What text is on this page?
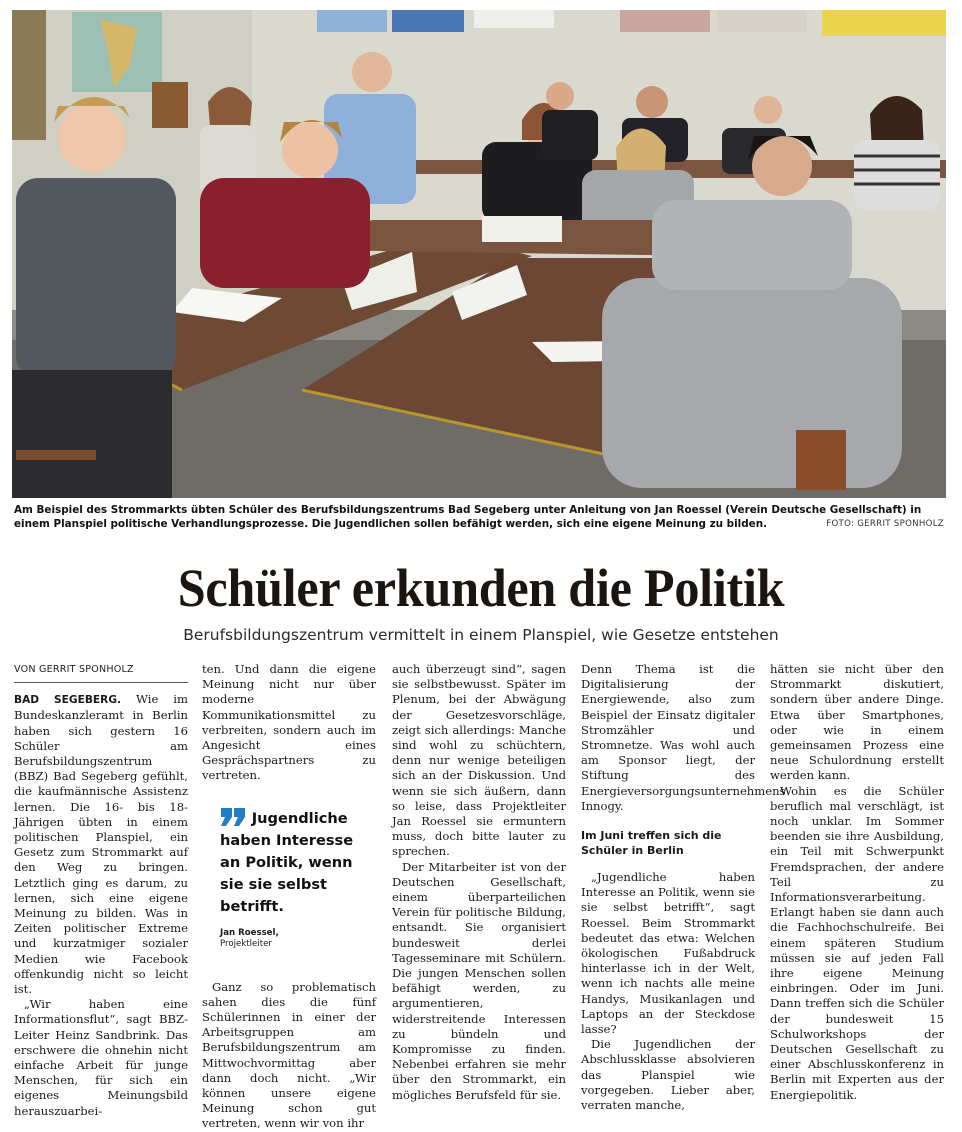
Am Beispiel des Strommarkts übten Schüler des Berufsbildungszentrums Bad Segeberg unter Anleitung von Jan Roessel (Verein Deutsche Gesellschaft) in einem Planspiel politische Verhandlungsprozesse. Die Jugendlichen sollen befähigt werden, sich eine eigene Meinung zu bilden.	FOTO: GERRIT SPONHOLZ
Schüler erkunden die Politik
Berufsbildungszentrum vermittelt in einem Planspiel, wie Gesetze entstehen
VON GERRIT SPONHOLZ

BAD SEGEBERG. Wie im Bundeskanzleramt in Berlin haben sich gestern 16 Schüler am Berufsbildungszentrum (BBZ) Bad Segeberg gefühlt, die kaufmännische Assistenz lernen. Die 16- bis 18-Jährigen übten in einem politischen Planspiel, ein Gesetz zum Strommarkt auf den Weg zu bringen. Letztlich ging es darum, zu lernen, sich eine eigene Meinung zu bilden. Was in Zeiten politischer Extreme und kurzatmiger sozialer Medien wie Facebook offenkundig nicht so leicht ist.

„Wir haben eine Informationsflut“, sagt BBZ-Leiter Heinz Sandbrink. Das erschwere die ohnehin nicht einfache Arbeit für junge Menschen, für sich ein eigenes Meinungsbild herauszuarbei-

ten. Und dann die eigene Meinung nicht nur über moderne Kommunikationsmittel zu verbreiten, sondern auch im Angesicht eines Gesprächspartners zu vertreten.

Jugendliche haben Interesse an Politik, wenn sie sie selbst betrifft.
Jan Roessel,
Projektleiter

Ganz so problematisch sahen dies die fünf Schülerinnen in einer der Arbeitsgruppen am Berufsbildungszentrum am Mittwochvormittag aber dann doch nicht. „Wir können unsere eigene Meinung schon gut vertreten, wenn wir von ihr

auch überzeugt sind“, sagen sie selbstbewusst. Später im Plenum, bei der Abwägung der Gesetzesvorschläge, zeigt sich allerdings: Manche sind wohl zu schüchtern, denn nur wenige beteiligen sich an der Diskussion. Und wenn sie sich äußern, dann so leise, dass Projektleiter Jan Roessel sie ermuntern muss, doch bitte lauter zu sprechen.

Der Mitarbeiter ist von der Deutschen Gesellschaft, einem überparteilichen Verein für politische Bildung, entsandt. Sie organisiert bundesweit derlei Tagesseminare mit Schülern. Die jungen Menschen sollen befähigt werden, zu argumentieren, widerstreitende Interessen zu bündeln und Kompromisse zu finden. Nebenbei erfahren sie mehr über den Strommarkt, ein mögliches Berufsfeld für sie.

Denn Thema ist die Digitalisierung der Energiewende, also zum Beispiel der Einsatz digitaler Stromzähler und Stromnetze. Was wohl auch am Sponsor liegt, der Stiftung des Energieversorgungsunternehmens Innogy.

Im Juni treffen sich die Schüler in Berlin

„Jugendliche haben Interesse an Politik, wenn sie sie selbst betrifft“, sagt Roessel. Beim Strommarkt bedeutet das etwa: Welchen ökologischen Fußabdruck hinterlasse ich in der Welt, wenn ich nachts alle meine Handys, Musikanlagen und Laptops an der Steckdose lasse?

Die Jugendlichen der Abschlussklasse absolvieren das Planspiel wie vorgegeben. Lieber aber, verraten manche,

hätten sie nicht über den Strommarkt diskutiert, sondern über andere Dinge. Etwa über Smartphones, oder wie in einem gemeinsamen Prozess eine neue Schulordnung erstellt werden kann.

Wohin es die Schüler beruflich mal verschlägt, ist noch unklar. Im Sommer beenden sie ihre Ausbildung, ein Teil mit Schwerpunkt Fremdsprachen, der andere Teil zu Informationsverarbeitung. Erlangt haben sie dann auch die Fachhochschulreife. Bei einem späteren Studium müssen sie auf jeden Fall ihre eigene Meinung einbringen. Oder im Juni. Dann treffen sich die Schüler der bundesweit 15 Schulworkshops der Deutschen Gesellschaft zu einer Abschlusskonferenz in Berlin mit Experten aus der Energiepolitik.
